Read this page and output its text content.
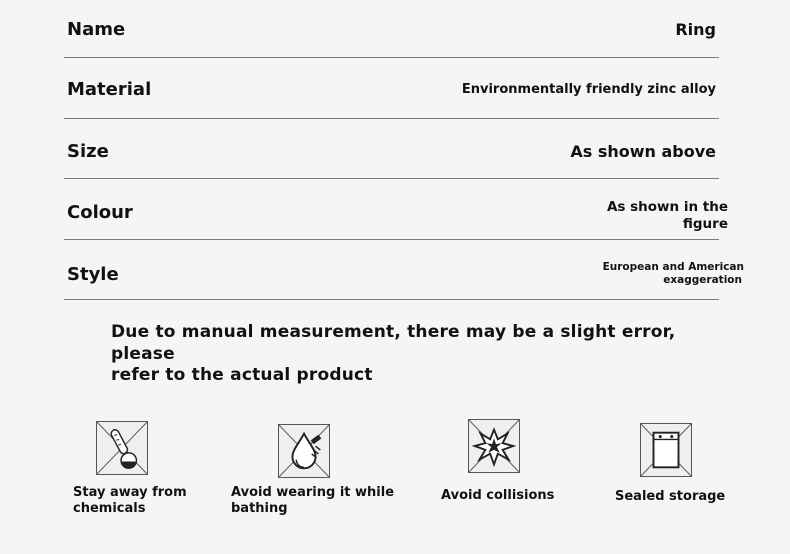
Name	Ring
Material	Environmentally friendly zinc alloy
Size	As shown above
Colour	As shown in the
figure
Style	European and American
exaggeration
Due to manual measurement, there may be a slight error, please
refer to the actual product
Stay away from
chemicals
Avoid wearing it while
bathing
Avoid collisions	Sealed storage
